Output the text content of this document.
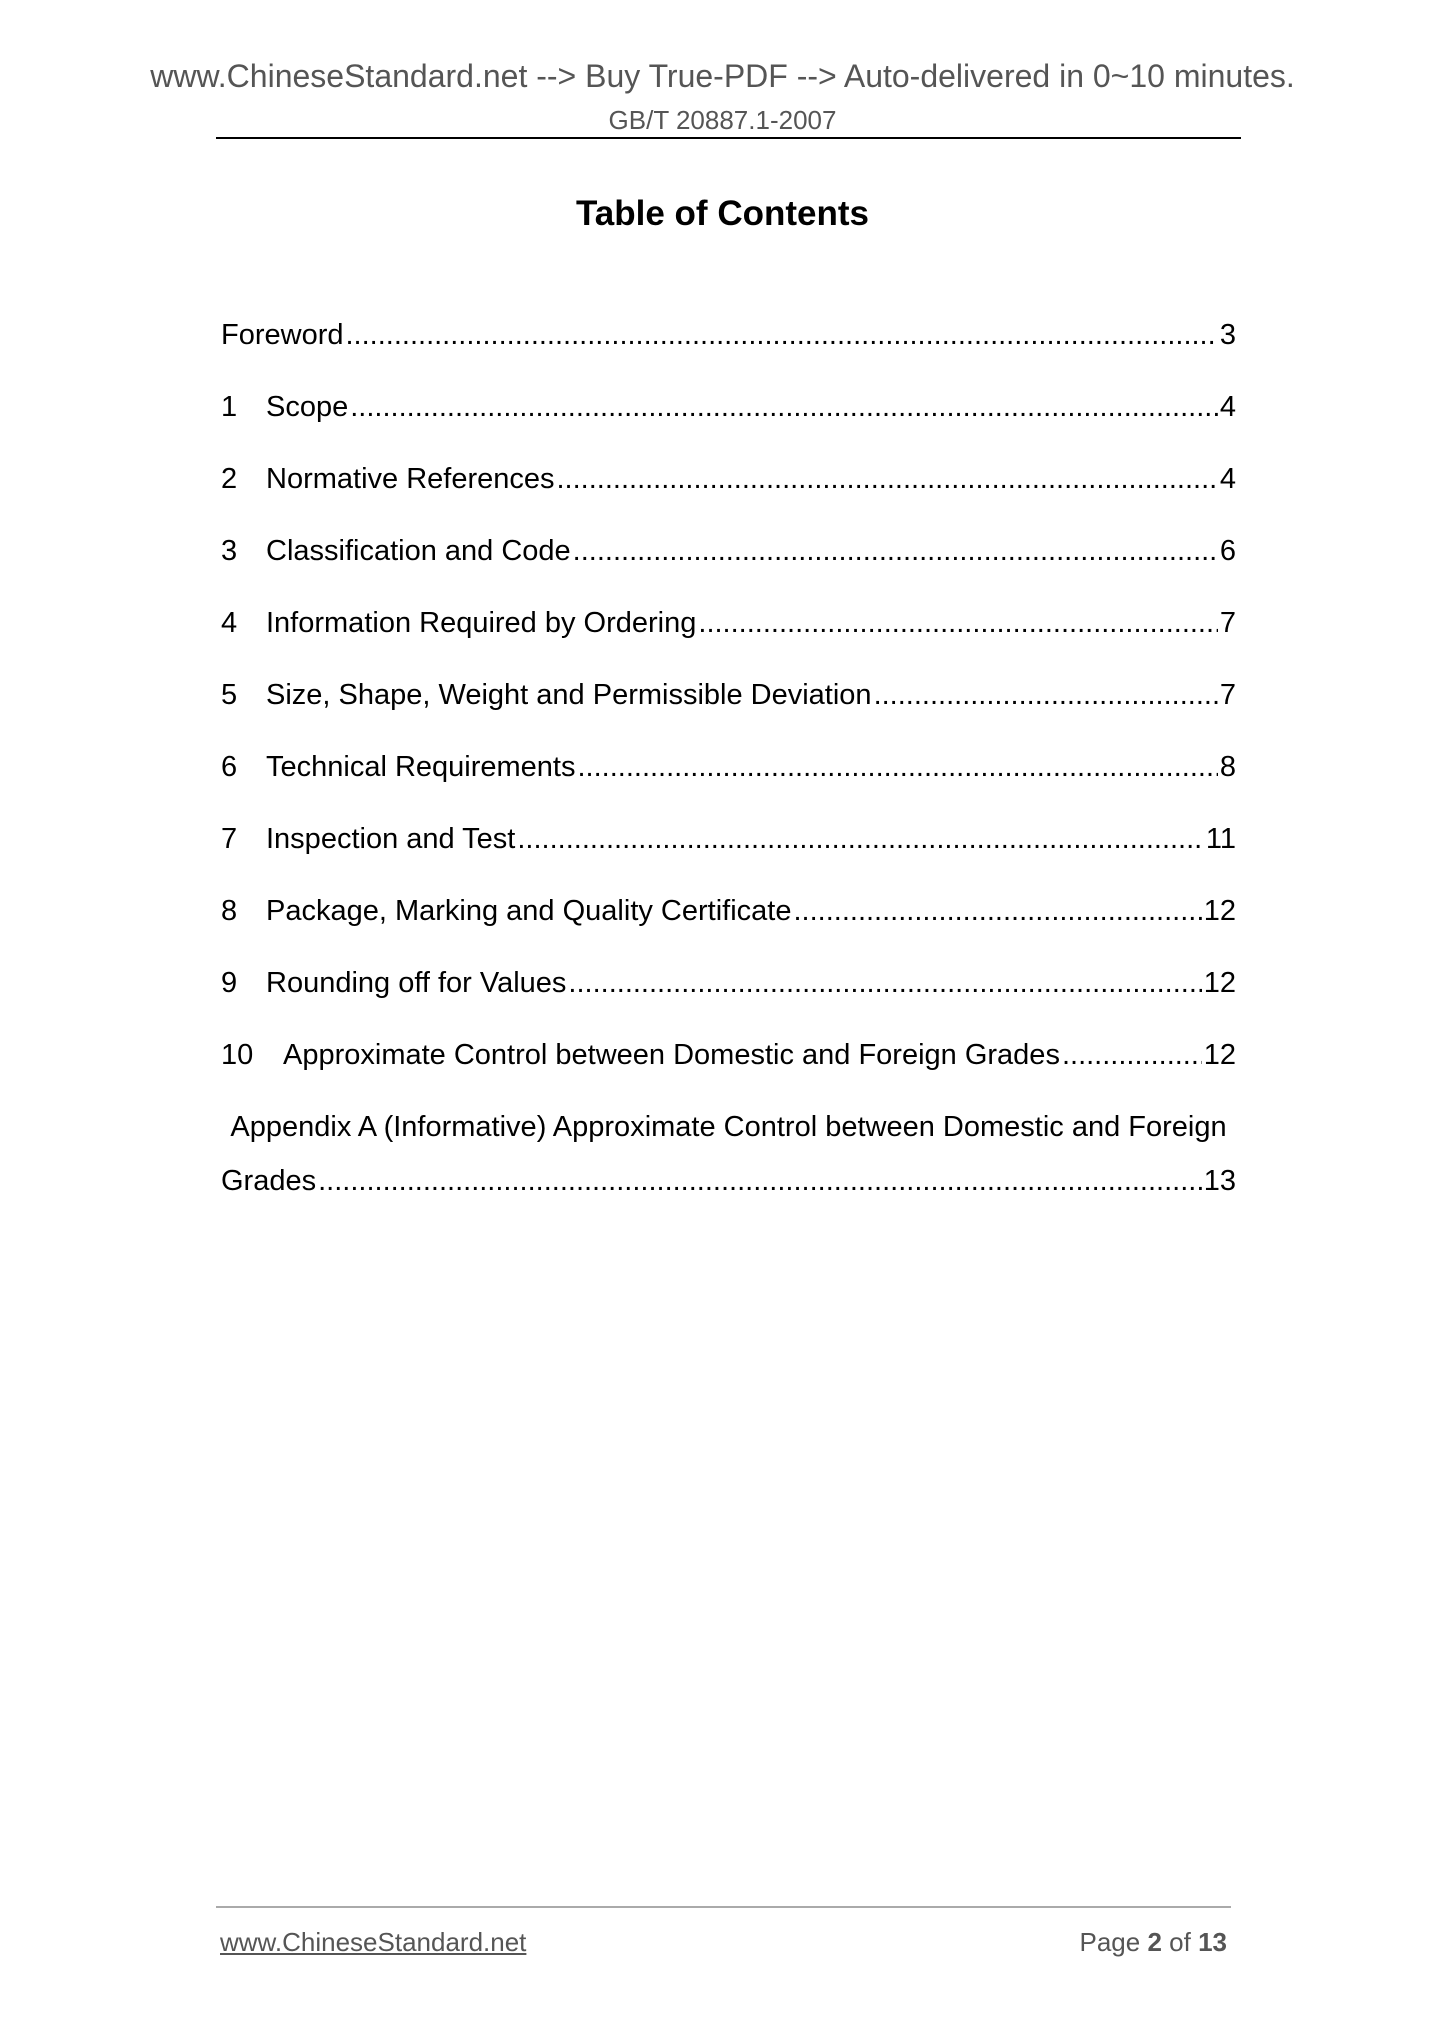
www.ChineseStandard.net --> Buy True-PDF --> Auto-delivered in 0~10 minutes.
GB/T 20887.1-2007
Table of Contents
Foreword .....	3
1 Scope .....	4
2 Normative References .....	4
3 Classification and Code .....	6
4 Information Required by Ordering .....	7
5 Size, Shape, Weight and Permissible Deviation .....	7
6 Technical Requirements .....	8
7 Inspection and Test .....	11
8 Package, Marking and Quality Certificate .....	12
9 Rounding off for Values .....	12
10	Approximate Control between Domestic and Foreign Grades .....	12
Appendix A (Informative) Approximate Control between Domestic and Foreign
Grades .....	13
www.ChineseStandard.net	Page 2 of 13
